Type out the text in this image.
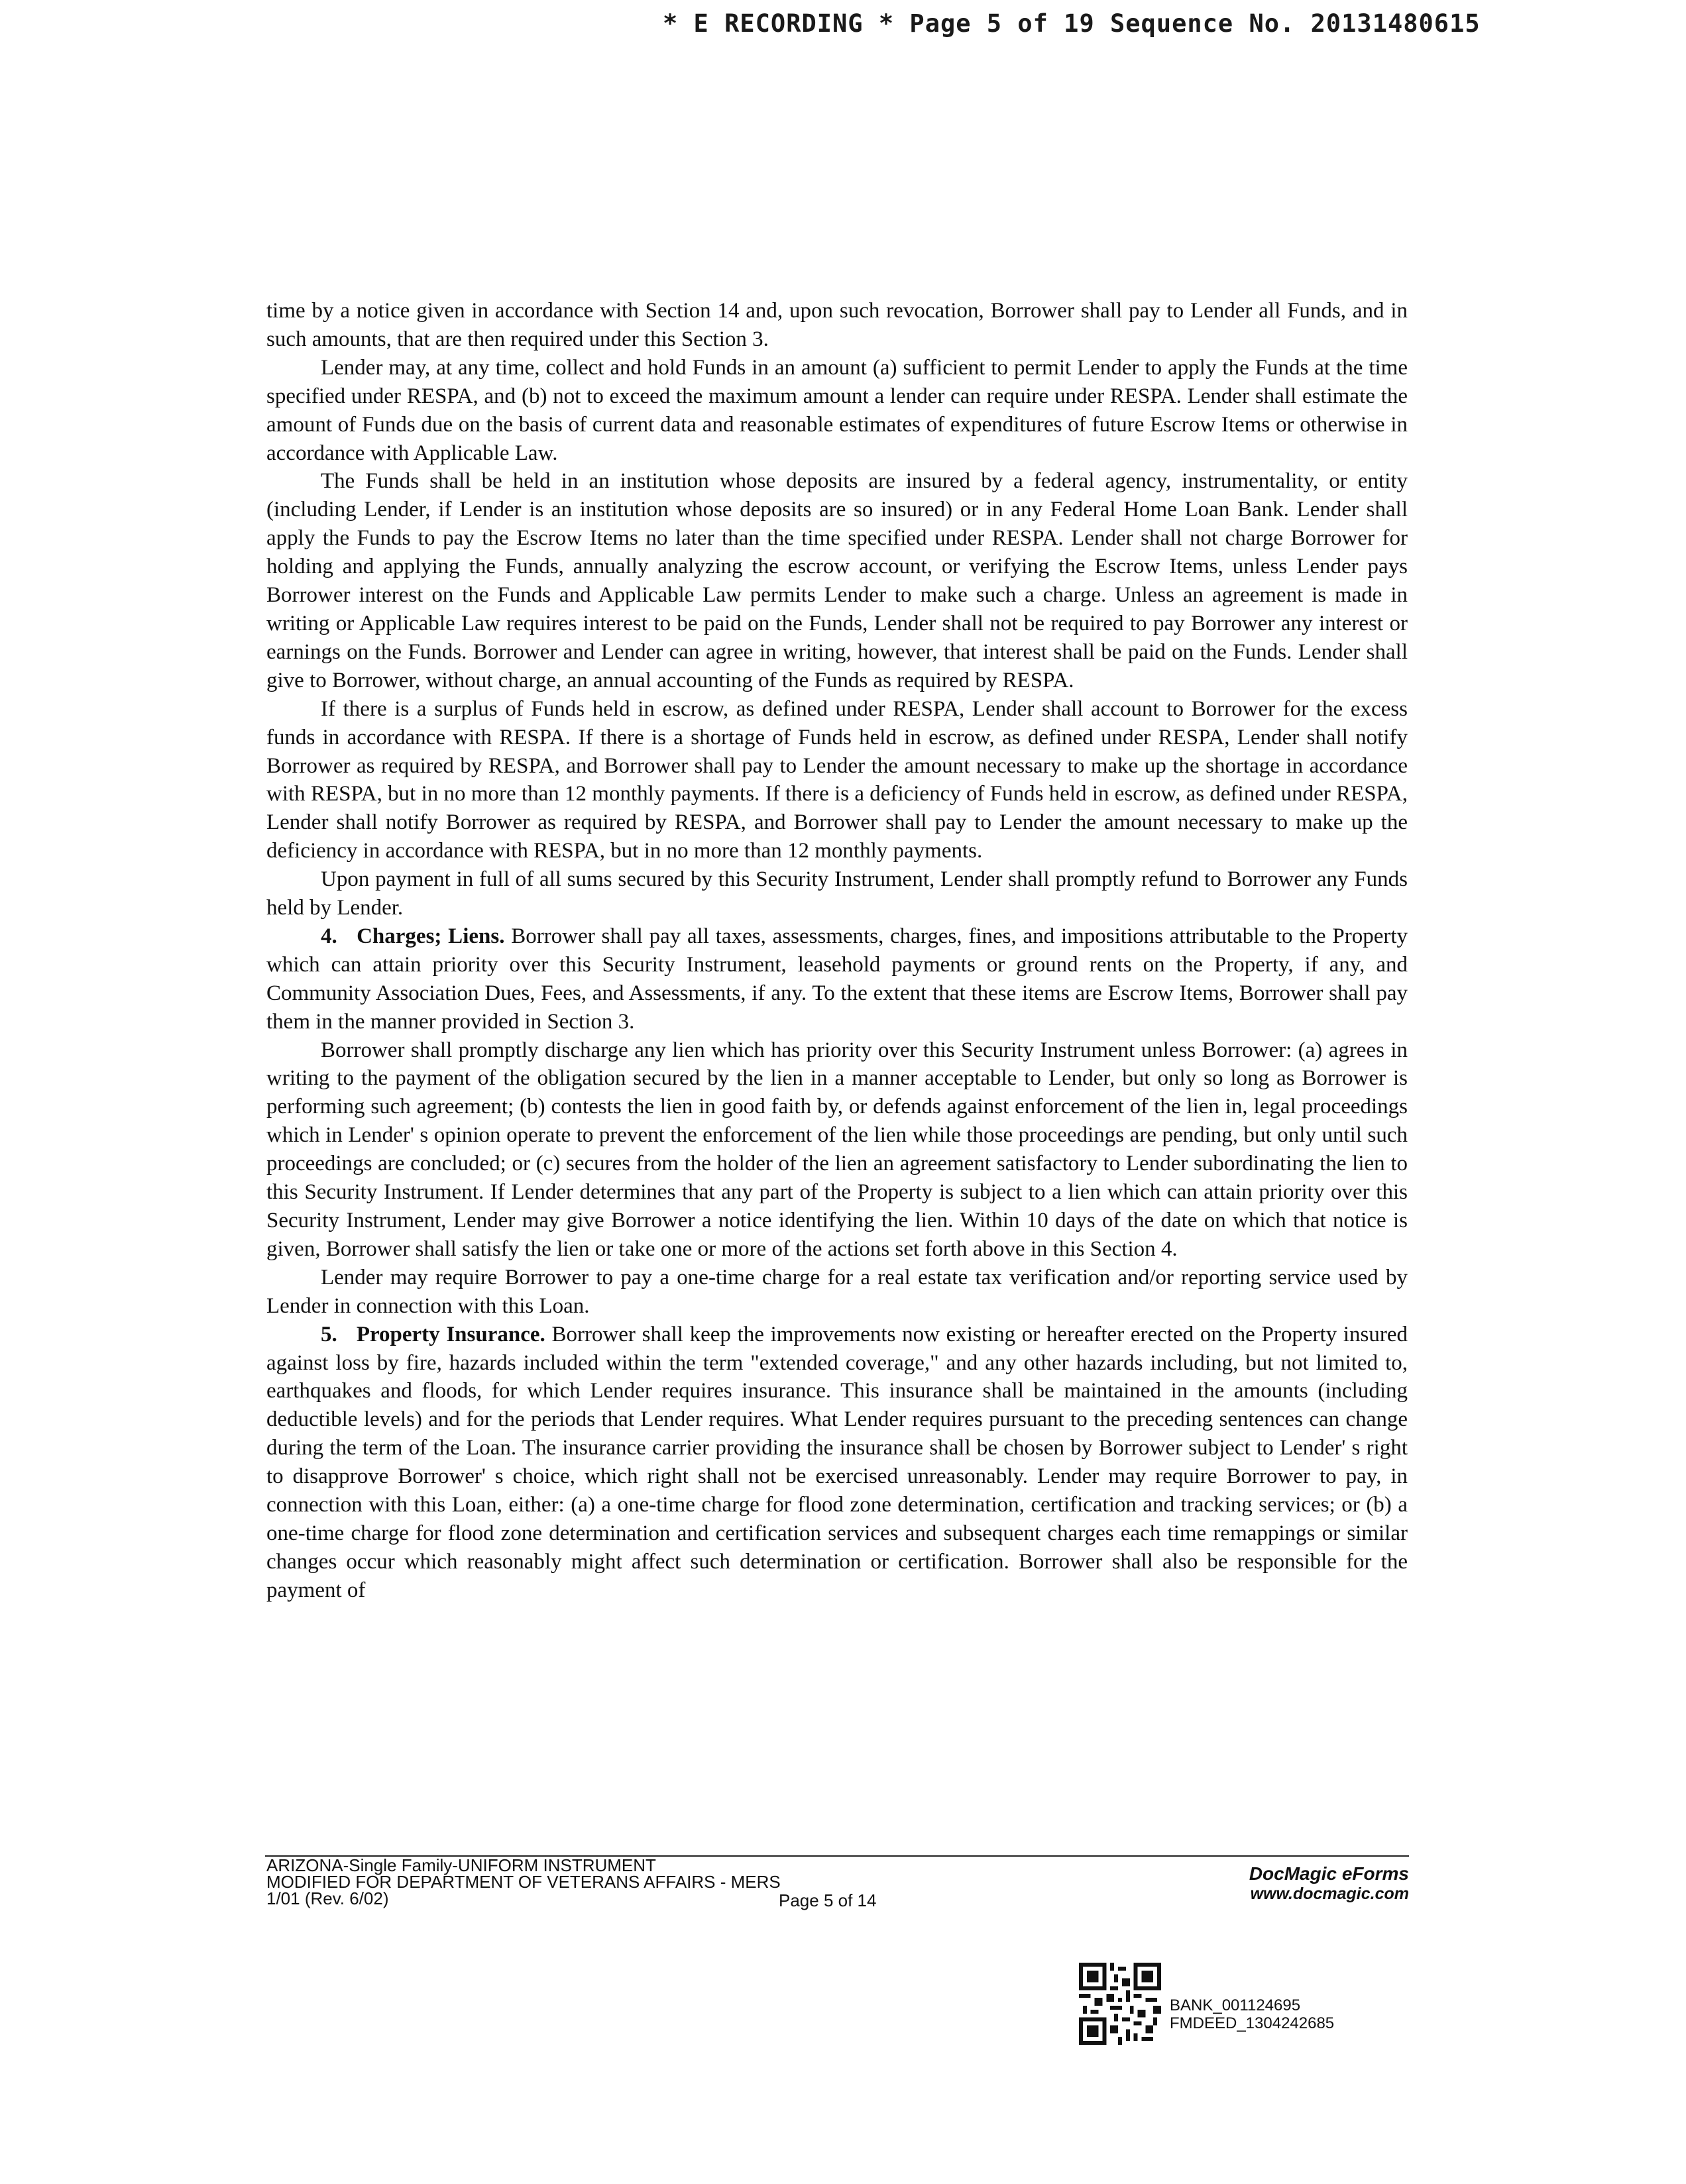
* E RECORDING * Page 5 of 19 Sequence No. 20131480615

time by a notice given in accordance with Section 14 and, upon such revocation, Borrower shall pay to Lender all Funds, and in such amounts, that are then required under this Section 3.

Lender may, at any time, collect and hold Funds in an amount (a) sufficient to permit Lender to apply the Funds at the time specified under RESPA, and (b) not to exceed the maximum amount a lender can require under RESPA. Lender shall estimate the amount of Funds due on the basis of current data and reasonable estimates of expenditures of future Escrow Items or otherwise in accordance with Applicable Law.

The Funds shall be held in an institution whose deposits are insured by a federal agency, instrumentality, or entity (including Lender, if Lender is an institution whose deposits are so insured) or in any Federal Home Loan Bank. Lender shall apply the Funds to pay the Escrow Items no later than the time specified under RESPA. Lender shall not charge Borrower for holding and applying the Funds, annually analyzing the escrow account, or verifying the Escrow Items, unless Lender pays Borrower interest on the Funds and Applicable Law permits Lender to make such a charge. Unless an agreement is made in writing or Applicable Law requires interest to be paid on the Funds, Lender shall not be required to pay Borrower any interest or earnings on the Funds. Borrower and Lender can agree in writing, however, that interest shall be paid on the Funds. Lender shall give to Borrower, without charge, an annual accounting of the Funds as required by RESPA.

If there is a surplus of Funds held in escrow, as defined under RESPA, Lender shall account to Borrower for the excess funds in accordance with RESPA. If there is a shortage of Funds held in escrow, as defined under RESPA, Lender shall notify Borrower as required by RESPA, and Borrower shall pay to Lender the amount necessary to make up the shortage in accordance with RESPA, but in no more than 12 monthly payments. If there is a deficiency of Funds held in escrow, as defined under RESPA, Lender shall notify Borrower as required by RESPA, and Borrower shall pay to Lender the amount necessary to make up the deficiency in accordance with RESPA, but in no more than 12 monthly payments.

Upon payment in full of all sums secured by this Security Instrument, Lender shall promptly refund to Borrower any Funds held by Lender.

4. Charges; Liens. Borrower shall pay all taxes, assessments, charges, fines, and impositions attributable to the Property which can attain priority over this Security Instrument, leasehold payments or ground rents on the Property, if any, and Community Association Dues, Fees, and Assessments, if any. To the extent that these items are Escrow Items, Borrower shall pay them in the manner provided in Section 3.

Borrower shall promptly discharge any lien which has priority over this Security Instrument unless Borrower: (a) agrees in writing to the payment of the obligation secured by the lien in a manner acceptable to Lender, but only so long as Borrower is performing such agreement; (b) contests the lien in good faith by, or defends against enforcement of the lien in, legal proceedings which in Lender' s opinion operate to prevent the enforcement of the lien while those proceedings are pending, but only until such proceedings are concluded; or (c) secures from the holder of the lien an agreement satisfactory to Lender subordinating the lien to this Security Instrument. If Lender determines that any part of the Property is subject to a lien which can attain priority over this Security Instrument, Lender may give Borrower a notice identifying the lien. Within 10 days of the date on which that notice is given, Borrower shall satisfy the lien or take one or more of the actions set forth above in this Section 4.

Lender may require Borrower to pay a one-time charge for a real estate tax verification and/or reporting service used by Lender in connection with this Loan.

5. Property Insurance. Borrower shall keep the improvements now existing or hereafter erected on the Property insured against loss by fire, hazards included within the term "extended coverage," and any other hazards including, but not limited to, earthquakes and floods, for which Lender requires insurance. This insurance shall be maintained in the amounts (including deductible levels) and for the periods that Lender requires. What Lender requires pursuant to the preceding sentences can change during the term of the Loan. The insurance carrier providing the insurance shall be chosen by Borrower subject to Lender' s right to disapprove Borrower' s choice, which right shall not be exercised unreasonably. Lender may require Borrower to pay, in connection with this Loan, either: (a) a one-time charge for flood zone determination, certification and tracking services; or (b) a one-time charge for flood zone determination and certification services and subsequent charges each time remappings or similar changes occur which reasonably might affect such determination or certification. Borrower shall also be responsible for the payment of

ARIZONA-Single Family-UNIFORM INSTRUMENT
MODIFIED FOR DEPARTMENT OF VETERANS AFFAIRS - MERS
1/01 (Rev. 6/02)	Page 5 of 14
DocMagic eForms
www.docmagic.com
BANK_001124695
FMDEED_1304242685
